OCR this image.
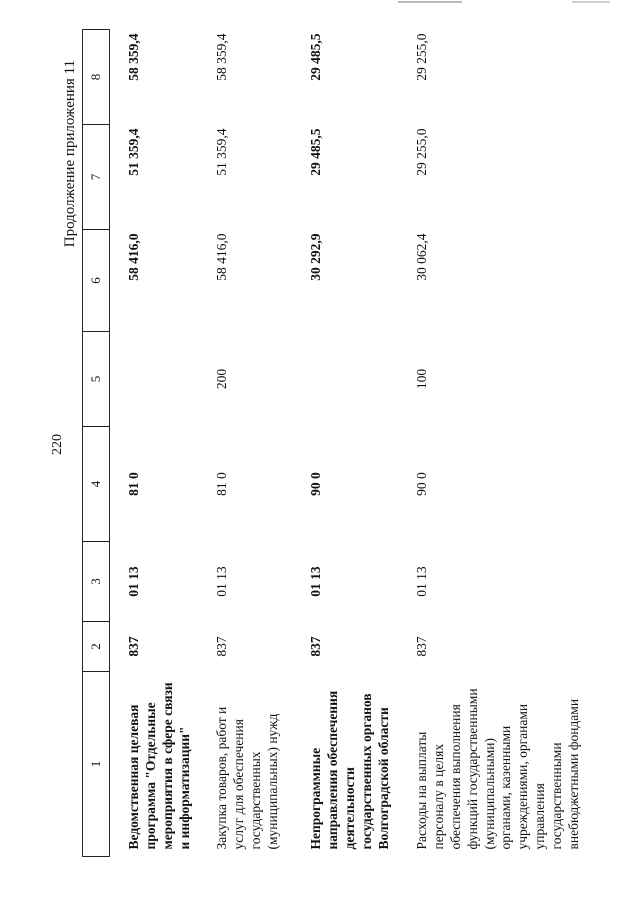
220
Продолжение приложения 11
1	2	3	4	5	6	7	8
Ведомственная целевая программа "Отдельные мероприятия в сфере связи и информатизации"	837	01 13	81 0		58 416,0	51 359,4	58 359,4
Закупка товаров, работ и услуг для обеспечения государственных (муниципальных) нужд	837	01 13	81 0	200	58 416,0	51 359,4	58 359,4
Непрограммные направления обеспечения деятельности государственных органов Волгоградской области	837	01 13	90 0		30 292,9	29 485,5	29 485,5
Расходы на выплаты персоналу в целях обеспечения выполнения функций государственными (муниципальными) органами, казенными учреждениями, органами управления государственными внебюджетными фондами	837	01 13	90 0	100	30 062,4	29 255,0	29 255,0
